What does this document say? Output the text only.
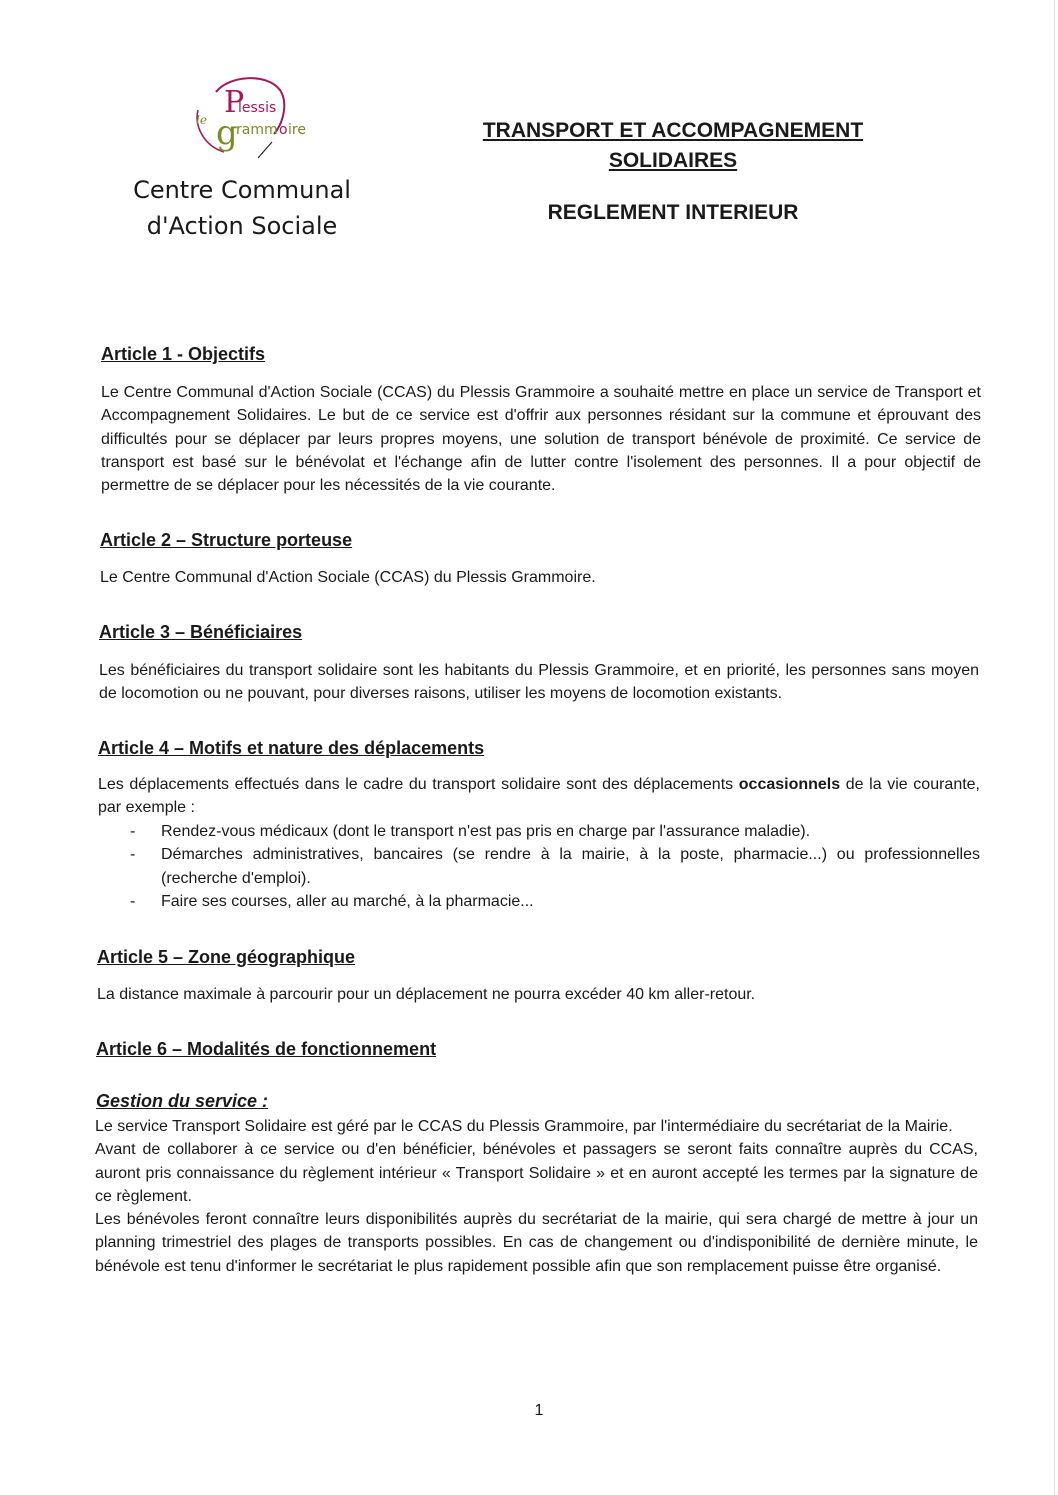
P
lessis
le g
ramm o ire
Centre Communal
d'Action Sociale
TRANSPORT ET ACCOMPAGNEMENT
SOLIDAIRES
REGLEMENT INTERIEUR

Article 1 - Objectifs

Le Centre Communal d'Action Sociale (CCAS) du Plessis Grammoire a souhaité mettre en place un service de Transport et Accompagnement Solidaires. Le but de ce service est d'offrir aux personnes résidant sur la commune et éprouvant des difficultés pour se déplacer par leurs propres moyens, une solution de transport bénévole de proximité. Ce service de transport est basé sur le bénévolat et l'échange afin de lutter contre l'isolement des personnes. Il a pour objectif de permettre de se déplacer pour les nécessités de la vie courante.

Article 2 – Structure porteuse

Le Centre Communal d'Action Sociale (CCAS) du Plessis Grammoire.

Article 3 – Bénéficiaires

Les bénéficiaires du transport solidaire sont les habitants du Plessis Grammoire, et en priorité, les personnes sans moyen de locomotion ou ne pouvant, pour diverses raisons, utiliser les moyens de locomotion existants.

Article 4 – Motifs et nature des déplacements

Les déplacements effectués dans le cadre du transport solidaire sont des déplacements occasionnels de la vie courante, par exemple :

- Rendez-vous médicaux (dont le transport n'est pas pris en charge par l'assurance maladie).
- Démarches administratives, bancaires (se rendre à la mairie, à la poste, pharmacie...) ou professionnelles (recherche d'emploi).
- Faire ses courses, aller au marché, à la pharmacie...

Article 5 – Zone géographique

La distance maximale à parcourir pour un déplacement ne pourra excéder 40 km aller-retour.

Article 6 – Modalités de fonctionnement

Gestion du service :

Le service Transport Solidaire est géré par le CCAS du Plessis Grammoire, par l'intermédiaire du secrétariat de la Mairie.

Avant de collaborer à ce service ou d'en bénéficier, bénévoles et passagers se seront faits connaître auprès du CCAS, auront pris connaissance du règlement intérieur « Transport Solidaire » et en auront accepté les termes par la signature de ce règlement.

Les bénévoles feront connaître leurs disponibilités auprès du secrétariat de la mairie, qui sera chargé de mettre à jour un planning trimestriel des plages de transports possibles. En cas de changement ou d'indisponibilité de dernière minute, le bénévole est tenu d'informer le secrétariat le plus rapidement possible afin que son remplacement puisse être organisé.

1
